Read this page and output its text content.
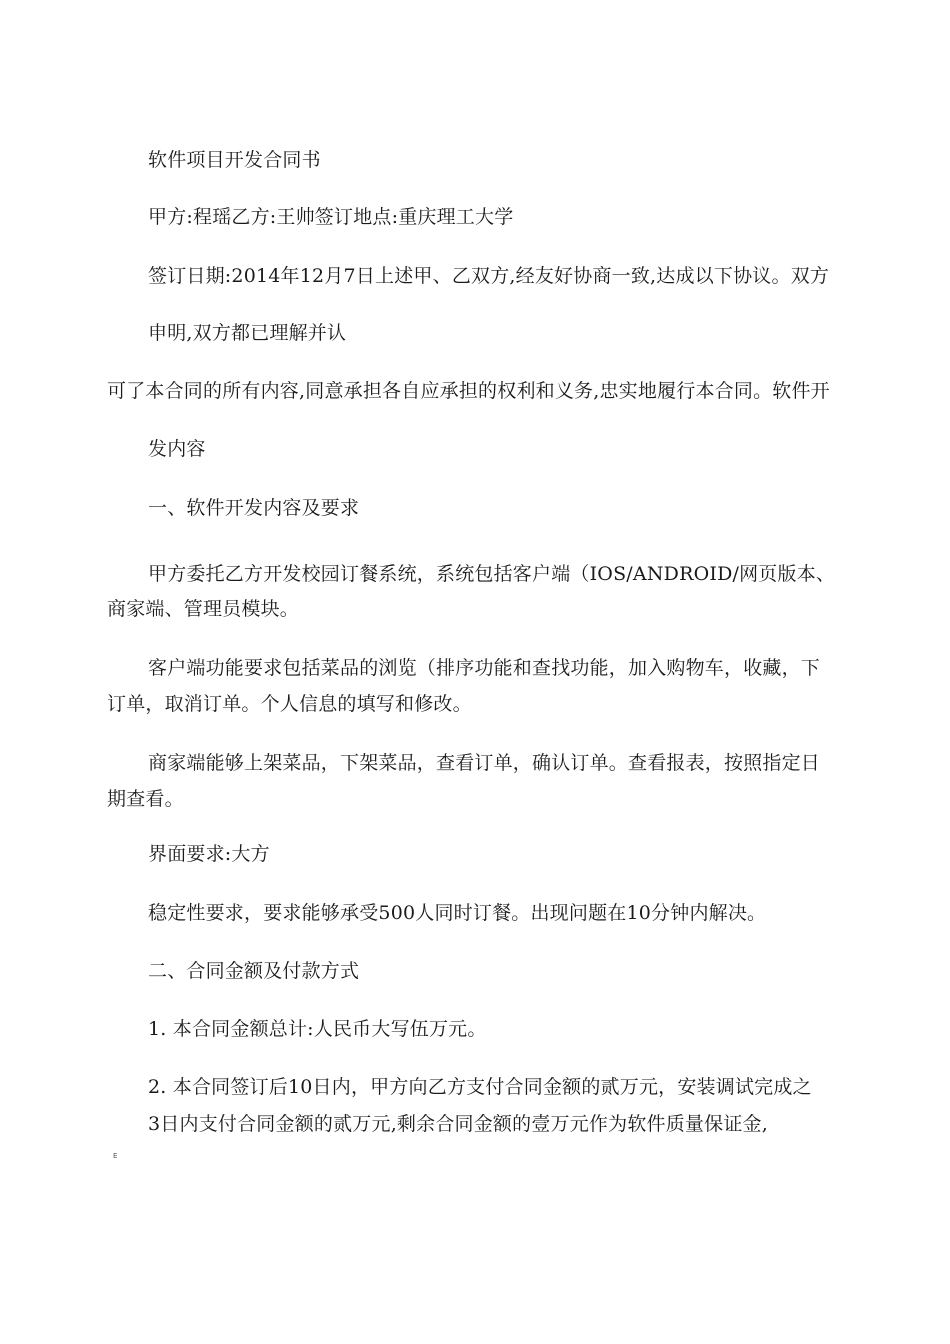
软件项目开发合同书
甲方:程瑶乙方:王帅签订地点:重庆理工大学
签订日期:2014年12月7日上述甲、乙双方,经友好协商一致,达成以下协议。双方
申明,双方都已理解并认
可了本合同的所有内容,同意承担各自应承担的权利和义务,忠实地履行本合同。软件开
发内容
一、软件开发内容及要求
甲方委托乙方开发校园订餐系统，系统包括客户端（IOS/ANDROID/网页版本、
商家端、管理员模块。
客户端功能要求包括菜品的浏览（排序功能和查找功能，加入购物车，收藏，下
订单，取消订单。个人信息的填写和修改。
商家端能够上架菜品，下架菜品，查看订单，确认订单。查看报表，按照指定日
期查看。
界面要求:大方
稳定性要求，要求能够承受500人同时订餐。出现问题在10分钟内解决。
二、合同金额及付款方式
1. 本合同金额总计:人民币大写伍万元。
2. 本合同签订后10日内，甲方向乙方支付合同金额的贰万元，安装调试完成之
3日内支付合同金额的贰万元,剩余合同金额的壹万元作为软件质量保证金,
E
